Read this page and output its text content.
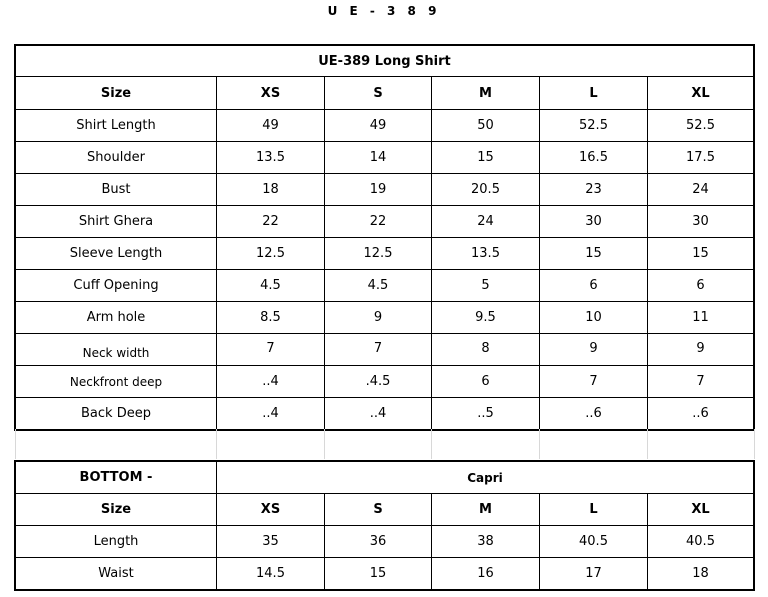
U E - 3 8 9
UE-389 Long Shirt					
Size	XS	S	M	L	XL
Shirt Length	49	49	50	52.5	52.5
Shoulder	13.5	14	15	16.5	17.5
Bust	18	19	20.5	23	24
Shirt Ghera	22	22	24	30	30
Sleeve Length	12.5	12.5	13.5	15	15
Cuff Opening	4.5	4.5	5	6	6
Arm hole	8.5	9	9.5	10	11
Neck width	7	7	8	9	9
Neckfront deep	..4	.4.5	6	7	7
Back Deep	..4	..4	..5	..6	..6
BOTTOM -	Capri				
Size	XS	S	M	L	XL
Length	35	36	38	40.5	40.5
Waist	14.5	15	16	17	18
